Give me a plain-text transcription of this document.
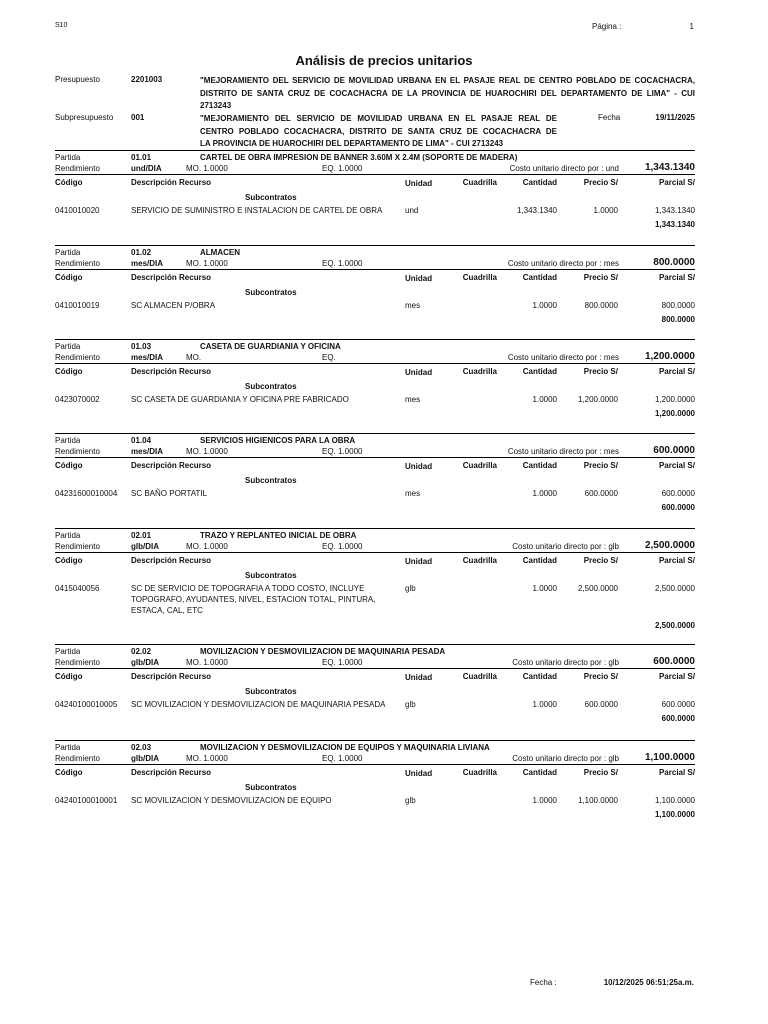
S10	Página :	1
Análisis de precios unitarios
Presupuesto	2201003	"MEJORAMIENTO DEL SERVICIO DE MOVILIDAD URBANA EN EL PASAJE REAL DE CENTRO POBLADO DE COCACHACRA,
DISTRITO DE SANTA CRUZ DE COCACHACRA DE LA PROVINCIA DE HUAROCHIRI DEL DEPARTAMENTO DE LIMA" - CUI
2713243
Subpresupuesto 001	"MEJORAMIENTO DEL SERVICIO DE MOVILIDAD URBANA EN EL PASAJE REAL DE
CENTRO POBLADO COCACHACRA, DISTRITO DE SANTA CRUZ DE COCACHACRA DE
LA PROVINCIA DE HUAROCHIRI DEL DEPARTAMENTO DE LIMA" - CUI 2713243
Fecha	19/11/2025
Partida	01.01	CARTEL DE OBRA IMPRESION DE BANNER 3.60M X 2.4M (SOPORTE DE MADERA)
Rendimiento	und/DIA	MO. 1.0000	EQ. 1.0000	Costo unitario directo por : und	1,343.1340
Código	Descripción Recurso	Unidad	Cuadrilla	Cantidad	Precio S/	Parcial S/
Subcontratos
0410010020	SERVICIO DE SUMINISTRO E INSTALACION DE CARTEL DE OBRA	und	1,343.1340	1.0000	1,343.1340
1,343.1340
Partida	01.02	ALMACEN
Rendimiento	mes/DIA	MO. 1.0000	EQ. 1.0000	Costo unitario directo por : mes	800.0000
Código	Descripción Recurso	Unidad	Cuadrilla	Cantidad	Precio S/	Parcial S/
Subcontratos
0410010019	SC ALMACEN P/OBRA	mes	1.0000	800.0000	800.0000
800.0000
Partida	01.03	CASETA DE GUARDIANIA Y OFICINA
Rendimiento	mes/DIA	MO.	EQ.	Costo unitario directo por : mes	1,200.0000
Código	Descripción Recurso	Unidad	Cuadrilla	Cantidad	Precio S/	Parcial S/
Subcontratos
0423070002	SC CASETA DE GUARDIANIA Y OFICINA PRE FABRICADO	mes	1.0000	1,200.0000	1,200.0000
1,200.0000
Partida	01.04	SERVICIOS HIGIENICOS PARA LA OBRA
Rendimiento	mes/DIA	MO. 1.0000	EQ. 1.0000	Costo unitario directo por : mes	600.0000
Código	Descripción Recurso	Unidad	Cuadrilla	Cantidad	Precio S/	Parcial S/
Subcontratos
04231600010004 SC BAÑO PORTATIL	mes	1.0000	600.0000	600.0000
600.0000
Partida	02.01	TRAZO Y REPLANTEO INICIAL DE OBRA
Rendimiento	glb/DIA	MO. 1.0000	EQ. 1.0000	Costo unitario directo por : glb	2,500.0000
Código	Descripción Recurso	Unidad	Cuadrilla	Cantidad	Precio S/	Parcial S/
Subcontratos
0415040056	SC DE SERVICIO DE TOPOGRAFIA A TODO COSTO, INCLUYE
TOPOGRAFO, AYUDANTES, NIVEL, ESTACION TOTAL, PINTURA,
ESTACA, CAL, ETC
glb	1.0000	2,500.0000	2,500.0000
2,500.0000
Partida	02.02	MOVILIZACION Y DESMOVILIZACION DE MAQUINARIA PESADA
Rendimiento	glb/DIA	MO. 1.0000	EQ. 1.0000	Costo unitario directo por : glb	600.0000
Código	Descripción Recurso	Unidad	Cuadrilla	Cantidad	Precio S/	Parcial S/
Subcontratos
04240100010005 SC MOVILIZACION Y DESMOVILIZACION DE MAQUINARIA PESADA glb	1.0000	600.0000	600.0000
600.0000
Partida	02.03	MOVILIZACION Y DESMOVILIZACION DE EQUIPOS Y MAQUINARIA LIVIANA
Rendimiento	glb/DIA	MO. 1.0000	EQ. 1.0000	Costo unitario directo por : glb	1,100.0000
Código	Descripción Recurso	Unidad	Cuadrilla	Cantidad	Precio S/	Parcial S/
Subcontratos
04240100010001 SC MOVILIZACION Y DESMOVILIZACION DE EQUIPO	glb	1.0000	1,100.0000	1,100.0000
1,100.0000
Fecha :	10/12/2025 06:51:25a.m.
